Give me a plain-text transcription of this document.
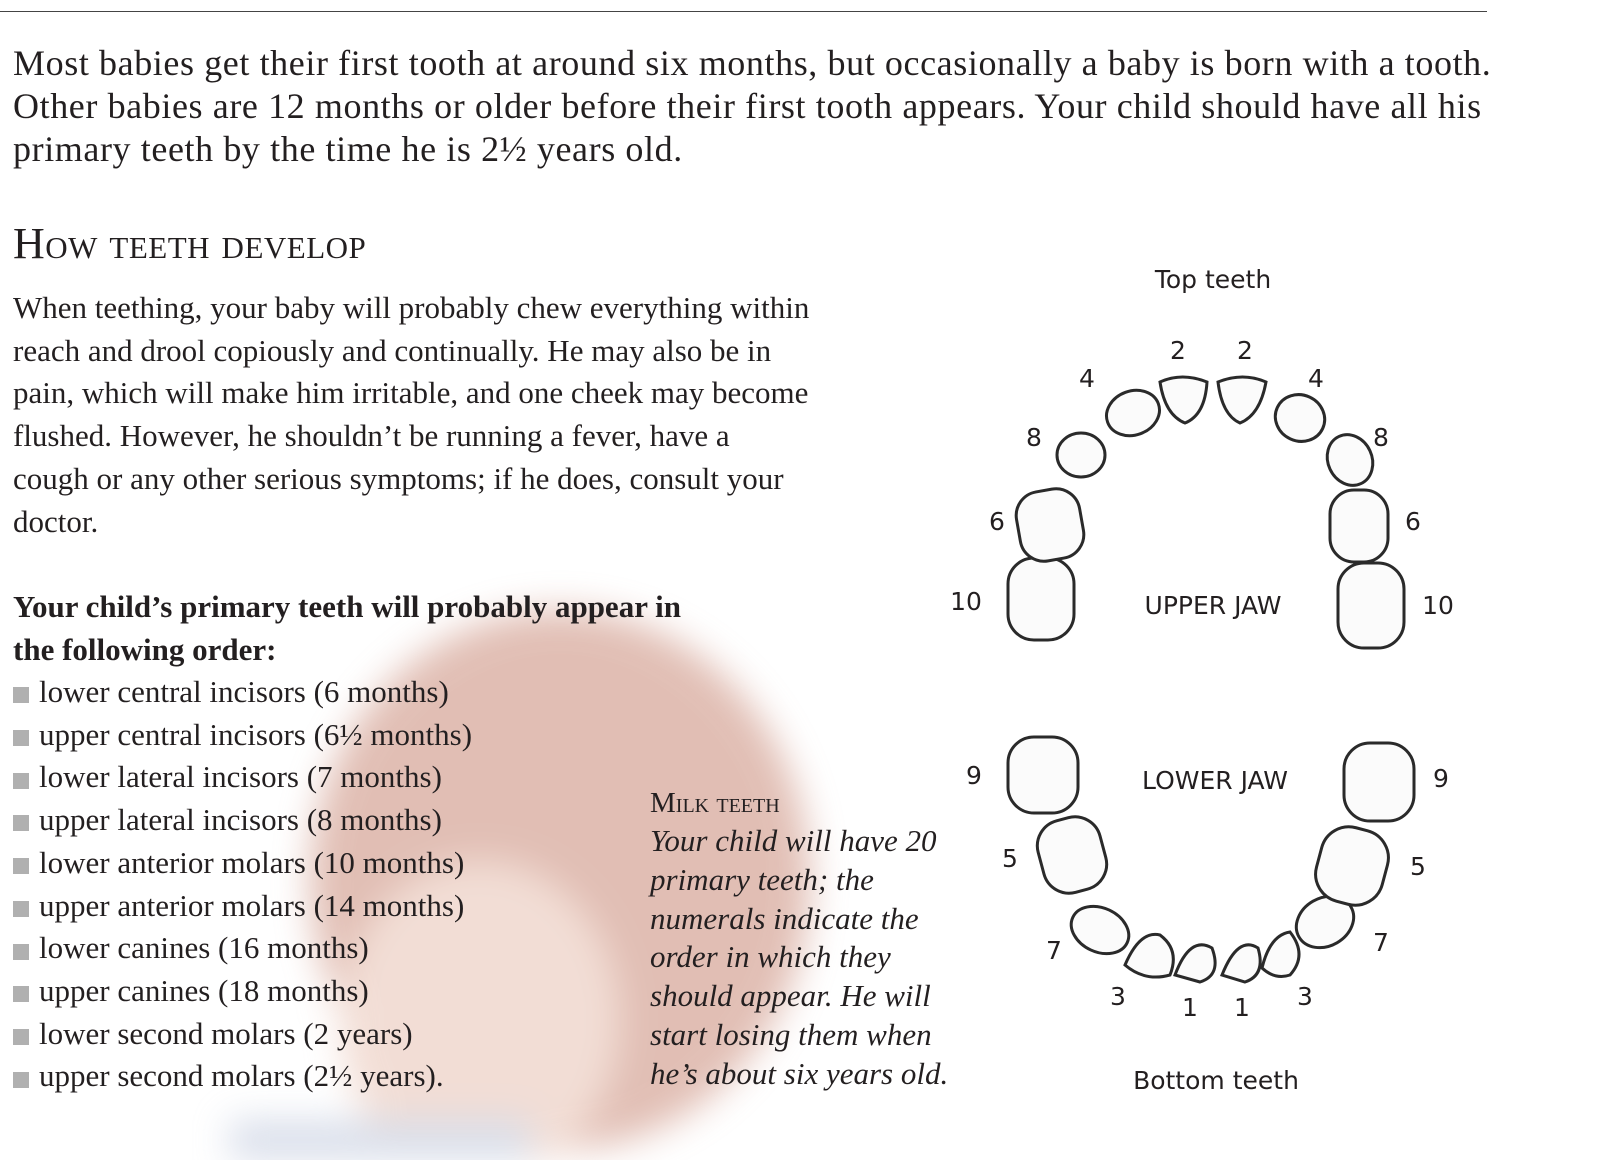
Most babies get their first tooth at around six months, but occasionally a baby is born with a tooth. Other babies are 12 months or older before their first tooth appears. Your child should have all his primary teeth by the time he is 2½ years old.

How teeth develop

When teething, your baby will probably chew everything within reach and drool copiously and continually. He may also be in pain, which will make him irritable, and one cheek may become flushed. However, he shouldn’t be running a fever, have a cough or any other serious symptoms; if he does, consult your doctor.

Your child’s primary teeth will probably appear in the following order:

lower central incisors (6 months)
upper central incisors (6½ months)
lower lateral incisors (7 months)
upper lateral incisors (8 months)
lower anterior molars (10 months)
upper anterior molars (14 months)
lower canines (16 months)
upper canines (18 months)
lower second molars (2 years)
upper second molars (2½ years).

Milk teeth

Your child will have 20 primary teeth; the numerals indicate the order in which they should appear. He will start losing them when he’s about six years old.

Top teeth
UPPER JAW
LOWER JAW
Bottom teeth
10
6
8
4
2 2
4
8
6
10
9
5
7
3 1 1 3
7
5
9
